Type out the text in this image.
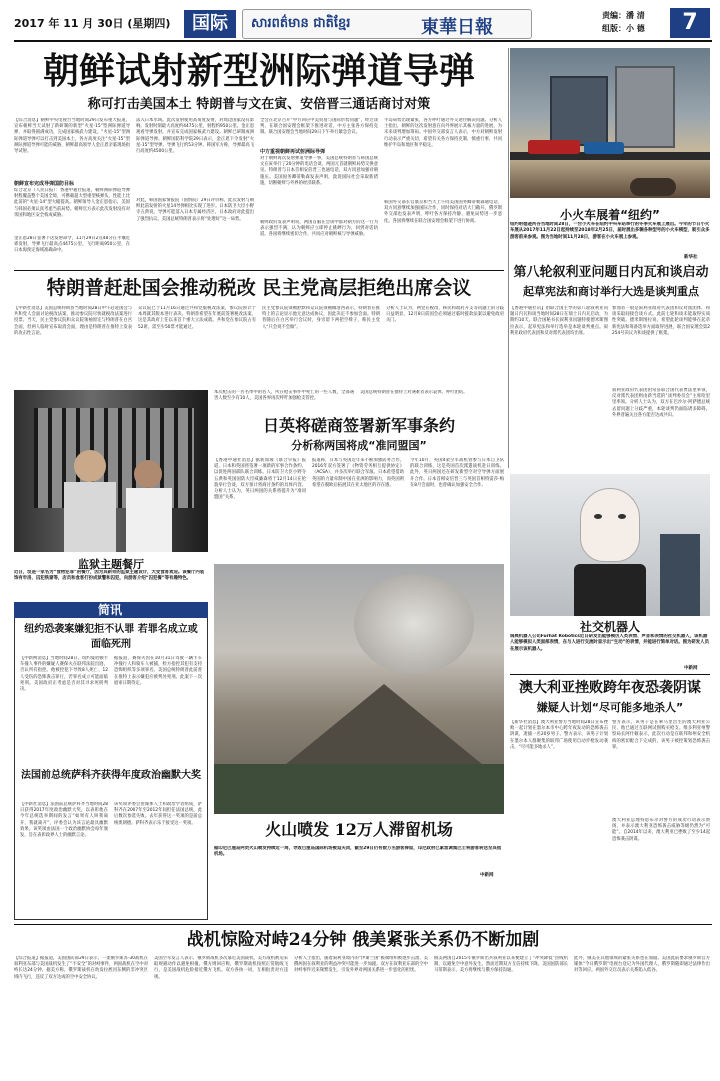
2017 年 11 月 30日 (星期四)	国际	សារពត៌មាន ជាតិខ្មែរ	東華日報
责编：潘 清
组版：小 德	7
朝鲜试射新型洲际弹道导弹
称可打击美国本土 特朗普与文在寅、安倍晋三通话商讨对策
【综合消息】朝鲜中央电视台当地时间29日发布重大报道，宣布朝鲜当天试射了新研制的新型“火星-15”型洲际弹道导弹，并取得圆满成功，完成国家核武力建设。“火星-15”型洲际弹道导弹可以打击到美国本土，各方高度关注“火星-15”型洲际弹道导弹可能的威胁，朝鲜最高领导人金正恩亲临现场指导试射。
朝鲜宣布完成导弹国防目标
综合北京（人民日报）：香港中通社报道，朝鲜洲际弹道导弹射程覆盖整个美国全境，可携载超大型重型核弹头，性能上比此前的“火星-14”型大幅提高。朝鲜领导人金正恩指示，美国与韩国必须认真考虑当前局势。朝鲜官方表示此次发射没有对邻国和地区安全构成威胁。
金正恩28日签署下达发射命令，11月29日2点48分在平壤近郊发射，导弹飞行最高点4475公里，飞行距离950公里，在日本海预定海域准确命中。
落入日本水域。此次发射使用高角度发射，对周边国家没有影响。发射时刻最大高度约4475公里，射程约950公里。金正恩观看导弹发射，并宣布完成国家核武力建设。朝鲜已研制成洲际弹道导弹。朝鲜国防科学院29日表示，金正恩下令发射“火星-15”型导弹，导弹飞行约53分钟。韩国军方称，导弹最高飞行高度约4500公里。
对此，韩国国家情报院（国情院）29日评价称，此次发射与朝鲜此前发射的火星14导弹相比实现了进步。日本防卫大臣小野寺五典说，导弹可能落入日本专属经济区，日本政府对此提出了强烈抗议。美国总统特朗普表示将“处理好”这一局势。
全会在北京召开“中方回应中美贸易与国际形势问题”，经过谈判，在联合国安理会框架下推进对话，中方主张各方保持克制。联合国安理会当地时间29日下午举行紧急会议。
中方重视朝鲜再试射洲际导弹
对于朝鲜再次发射弹道导弹一事，美国总统特朗普与韩国总统文在寅举行了20分钟的电话会谈，两国元首就朝鲜局势交换意见。特朗普与日本首相安倍晋三也通电话，双方同意加强对朝施压。美国国务卿蒂勒森发表声明，敦促国际社会采取新措施，切断朝鲜与外界的经济联系。
朝鲜政府发表声明说，两国首脑在会谈中都对朝方的这一行为表示强烈不满，认为朝鲜应立即停止挑衅行为，回到对话轨道。各国将继续密切合作，共同应对朝鲜核与导弹威胁。
半岛局势出现紧张，各方呼吁通过外交途径解决问题。分析人士指出，朝鲜的这次发射意在向外界展示其核力量的进展，为未来谈判增加筹码。中国外交部发言人表示，中方对朝鲜发射行动表示严重关切，希望有关各方保持克制，慎重行事，共同维护半岛和地区和平稳定。
韩国外交部长官康京和当天上午同美国国务卿蒂勒森通电话，双方同意继续加强国际合作，同时保持对话大门敞开。俄罗斯外交部也发表声明，呼吁各方保持冷静，避免局势进一步恶化。各国将继续在联合国安理会框架下进行协商。	小火车展着“纽约”
纽约哈德逊河谷当地时间28日，一台小火车在纽约中央车站举行的冬季火车展上展出。今年的节日小火车展从2017年11月22日起持续至2018年2月25日，届时展出多辆各种型号的小火车模型，吸引众多游客前来参观。图为当地时间11月28日，游客在小火车展上参观。
新华社
第八轮叙利亚问题日内瓦和谈启动
起草宪法和商讨举行大选是谈判重点
【香港中通社讯】由联合国主导的第八轮叙利亚问题日内瓦和谈当地时间28日在瑞士日内瓦启动，为期约10天。联合国秘书长叙利亚问题特使德米斯图拉表示，起草宪法和举行选举是本轮谈判重点。叙利亚政府代表团和反对派代表团均出席。
参加者一般是叙利亚政府代表团和反对派团体，和谈采取间接会谈方式。此前七轮和谈未能取得实质性突破。德米斯图拉说，希望此轮谈判能够在起草新宪法和筹备选举方面取得进展，联合国安理会第2254号决议为和谈提供了框架。
叙利亚政府代表团由常驻联合国代表贾法里率领，反对派代表团则由新当选的“谈判委员会”主席哈里里率领。分析人士认为，双方在巴沙尔·阿萨德总统去留问题上分歧严重，本轮谈判仍面临诸多障碍。外界普遍关注各方能否达成共识。
特朗普赶赴国会推动税改 民主党高层拒绝出席会议
【中新社消息】美国总统特朗普当地时间28日中午赶赴国会与共和党人会面讨论税改法案，推动参议院尽快就税改法案进行投票。当天，民主党参议院和众议院领袖原定与特朗普在白宫会面，但两人临时宣布取消会面，理由是特朗普在推特上发表的攻击性言论。
众议院已于11月16日通过共和党版税改法案，参议院预计于本周就其版本进行表决。特朗普希望在年底前签署税改法案，这是其政府上任以来首个重大立法成就。共和党在参议院占有52席，需至少50票才能通过。
民主党参议院领袖舒默和众议院领袖佩洛西表示，特朗普在推特上的言论显示他无意达成协议，因此决定不参加会面。特朗普随后在白宫举行会议时，身旁留下两把空椅子，称民主党人“只会说不会做”。
分析人士认为，两党在税改、移民和政府开支等问题上的分歧日益明显，12月8日前国会必须通过临时拨款法案以避免政府关门。
监狱主题餐厅
近日，坟是一家名为“食物犯罪”的餐厅，因为其新奇的监狱主题设计，大受食客欢迎。该餐厅内装饰有牢房、囚犯铁窗等，店员和食客打扮成狱警和囚犯，向游客介绍“囚犯餐”等有趣特色。
本次枪击的一名名单中的名人，所在枪击事件中死亡的一些人数，全部遇害人数至少有10人，美国各界再次呼吁加强枪支管控。
美国总统特朗普在推特上对遇难者表示哀悼，呼吁团结。
日英将磋商签署新军事条约
分析称两国将成“准同盟国”
【香港中通社消息】据新加坡《联合早报》报道，日本和英国将签署一项新的军事合作条约，以促进两国部队联合训练。日本防卫大臣小野寺五典和英国国防大臣威廉森将于12月14日在伦敦举行会谈，双方预计将商讨条约的具体内容。分析人士认为，英日两国的关系将提升为“准同盟国”关系。
报道称，日本与英国近年来不断加强防务合作，2016年双方签署了《物资劳务相互提供协定》（ACSA），并多次举行联合军演。日本希望借助英国的力量牵制中国在亚洲的影响力，而英国则希望在脱欧后拓展其在亚太地区的存在感。
今年10月，英国4架空军战机曾参与日本自卫队的联合训练，这是英国首次派遣战机赴日训练。此外，英日两国还在研发新型空对空导弹方面展开合作。日本首相安倍晋三与英国首相特雷莎·梅在8月会面时，也曾确认加强安全合作。
社交机器人
瑞典机器人公司Furhat Robotics近日研发出能够模仿人类表情、声音和表情的社交机器人，该机器人能够模拟人类面部表情，在与人进行交流时显示出“生动”的表情，并能进行简单对话。图为研发人员在展示该机器人。
中新网
澳大利亚挫败跨年夜恐袭阴谋
嫌疑人计划“尽可能多地杀人”
【新华社消息】澳大利亚警方当地时间28日宣布挫败一起计划在墨尔本市中心跨年夜发动的恐怖袭击阴谋，逮捕一名20岁男子。警方表示，该男子计划在墨尔本人群聚集的联邦广场使用自动步枪发动袭击，“尽可能多地杀人”。
警方表示，该男子是在索马里出生的澳大利亚公民，他已通过互联网试图购买枪支。维多利亚州警察局长阿什顿表示，此次行动是在联邦和州安全机构的密切配合下完成的，该男子被控策划恐怖袭击罪。
澳大利亚总理特恩布尔对警方的成功行动表示赞扬，并表示澳大利亚恐怖袭击威胁等级仍然为“可能”。自2014年以来，澳大利亚已挫败了至少14起恐怖袭击阴谋。
简讯
纽约恐袭案嫌犯拒不认罪 若罪名成立或面临死刑
【中新网消息】当地时间28日，纽约曼哈顿卡车撞人事件的嫌疑人赛保夫在联邦法院出庭，否认所有指控。他被控犯下导致8人死亡、12人受伤的恐怖袭击罪行，若罪名成立可能面临死刑。美国政府正考虑是否对其寻求死刑判决。
据报道，赛保夫因在10月31日驾驶一辆卡车冲撞行人和骑车人被捕，检方指控其犯有支持恐怖组织等多项罪名。美国总统特朗普此前曾在推特上表示嫌犯应被判处死刑。此案下一次庭审日期待定。
法国前总统萨科齐获得年度政治幽默大奖
【中新社消息】法国前总统萨科齐当地时间28日获得2017年度政治幽默大奖，以表彰他在今年总统选举期间的发言“如果有人叫我离开，我就离开”，评委会认为该言论最具幽默效果。该奖项由法国一个政治幽默协会每年颁发，旨在表彰政界人士的幽默言论。
该奖项评委会由媒体人士和政治学者组成，萨科齐在2007年至2012年间担任法国总统，此后数次参选失败。去年获得这一奖项的是前总统奥朗德。萨科齐表示乐于接受这一奖项。	火山喷发 12万人滞留机场
据印尼巴厘岛阿贡火山喷发持续近一周，导致巴厘岛国际机场被迫关闭，截至29日仍有数万名游客滞留，印尼政府已紧急调集巴士将游客转送至其他机场。
中新网
战机惊险对峙24分钟 俄美紧张关系仍不断加剧
【综合报道】据报道，美国国防部29日表示，一架俄罗斯苏-30战机在叙利亚东部与美国战机发生了“不安全”的对峙事件，两国战机在空中对峙长达24分钟。据美方称，俄罗斯战机在幼发拉底河东侧的非冲突区域内飞行，违反了双方达成的空中安全协议。
美国空军发言人表示，俄罗斯战机多次靠近美国战机，美方战机被迫采取规避动作以避免相撞。俄方则回应称，俄罗斯战机按照正常航线飞行，是美国战机危险接近俄方飞机。双方各执一词，互相指责对方违规。
分析人士指出，随着叙利亚境内的“伊斯兰国”极端组织被逐步击溃，美俄两国在叙利亚的利益冲突可能进一步加剧。双方在叙利亚东部的空中对峙事件近来频繁发生，引发外界对两国关系进一步恶化的担忧。
俄美两国自2015年俄罗斯出兵叙利亚以来便建立了“冲突降低”热线机制，以避免空中意外发生。然而近期双方互信持续下降。美国国防部长马蒂斯表示，美方将继续与俄方保持沟通。
此外，俄美在其他领域的紧张关系也在加剧。美国此前要求俄罗斯官方媒体“今日俄罗斯”电视台登记为外国代理人，俄罗斯随即通过法律作出对等回应。两国外交官员表示关系陷入低谷。
